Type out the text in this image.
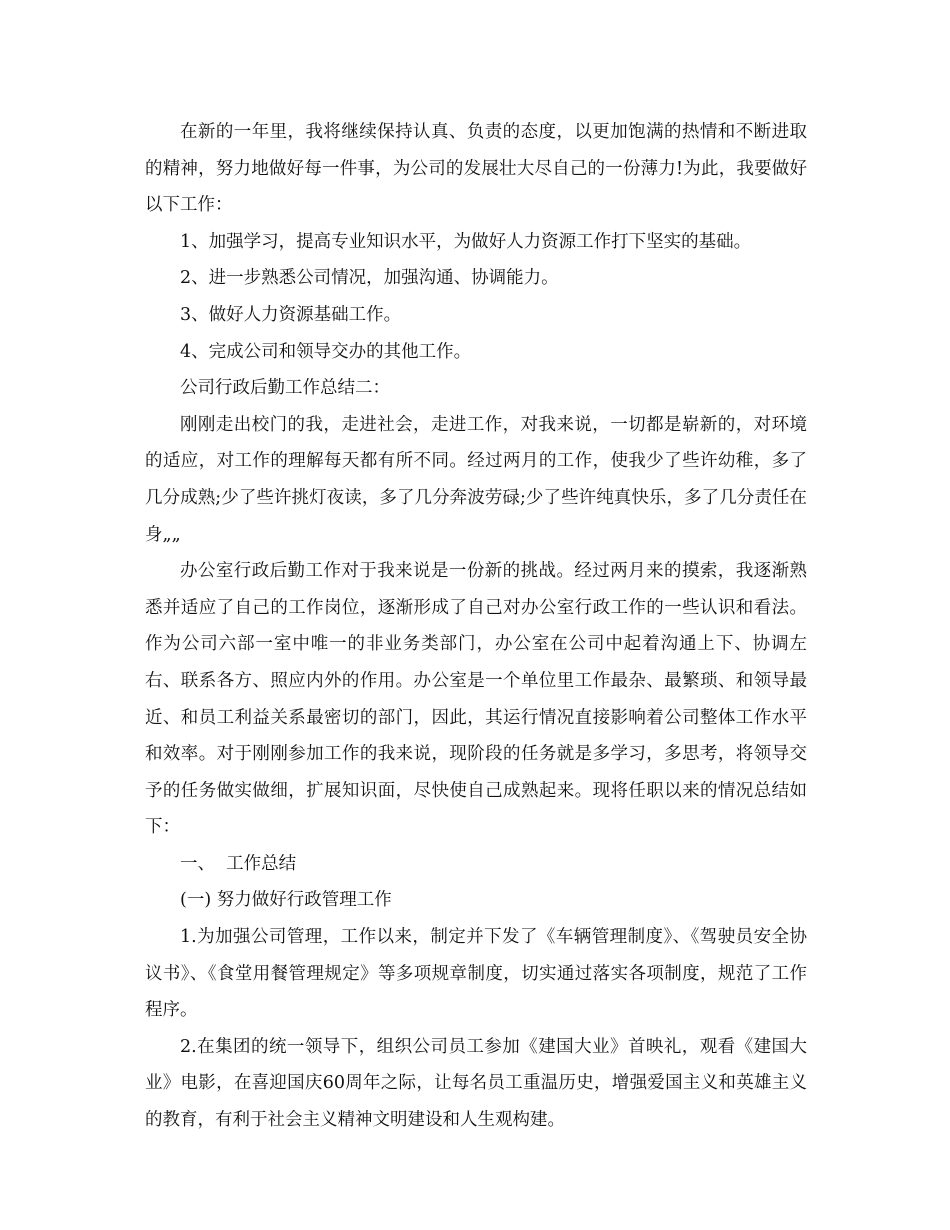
在新的一年里，我将继续保持认真、负责的态度，以更加饱满的热情和不断进取的精神，努力地做好每一件事，为公司的发展壮大尽自己的一份薄力!为此，我要做好以下工作：

1、加强学习，提高专业知识水平，为做好人力资源工作打下坚实的基础。

2、进一步熟悉公司情况，加强沟通、协调能力。

3、做好人力资源基础工作。

4、完成公司和领导交办的其他工作。

公司行政后勤工作总结二：

刚刚走出校门的我，走进社会，走进工作，对我来说，一切都是崭新的，对环境的适应，对工作的理解每天都有所不同。经过两月的工作，使我少了些许幼稚，多了几分成熟;少了些许挑灯夜读，多了几分奔波劳碌;少了些许纯真快乐，多了几分责任在身„„

办公室行政后勤工作对于我来说是一份新的挑战。经过两月来的摸索，我逐渐熟悉并适应了自己的工作岗位，逐渐形成了自己对办公室行政工作的一些认识和看法。作为公司六部一室中唯一的非业务类部门，办公室在公司中起着沟通上下、协调左右、联系各方、照应内外的作用。办公室是一个单位里工作最杂、最繁琐、和领导最近、和员工利益关系最密切的部门，因此，其运行情况直接影响着公司整体工作水平和效率。对于刚刚参加工作的我来说，现阶段的任务就是多学习，多思考，将领导交予的任务做实做细，扩展知识面，尽快使自己成熟起来。现将任职以来的情况总结如下：

一、  工作总结

(一) 努力做好行政管理工作

1.为加强公司管理，工作以来，制定并下发了《车辆管理制度》、《驾驶员安全协议书》、《食堂用餐管理规定》等多项规章制度，切实通过落实各项制度，规范了工作程序。

2.在集团的统一领导下，组织公司员工参加《建国大业》首映礼，观看《建国大业》电影，在喜迎国庆60周年之际，让每名员工重温历史，增强爱国主义和英雄主义的教育，有利于社会主义精神文明建设和人生观构建。
